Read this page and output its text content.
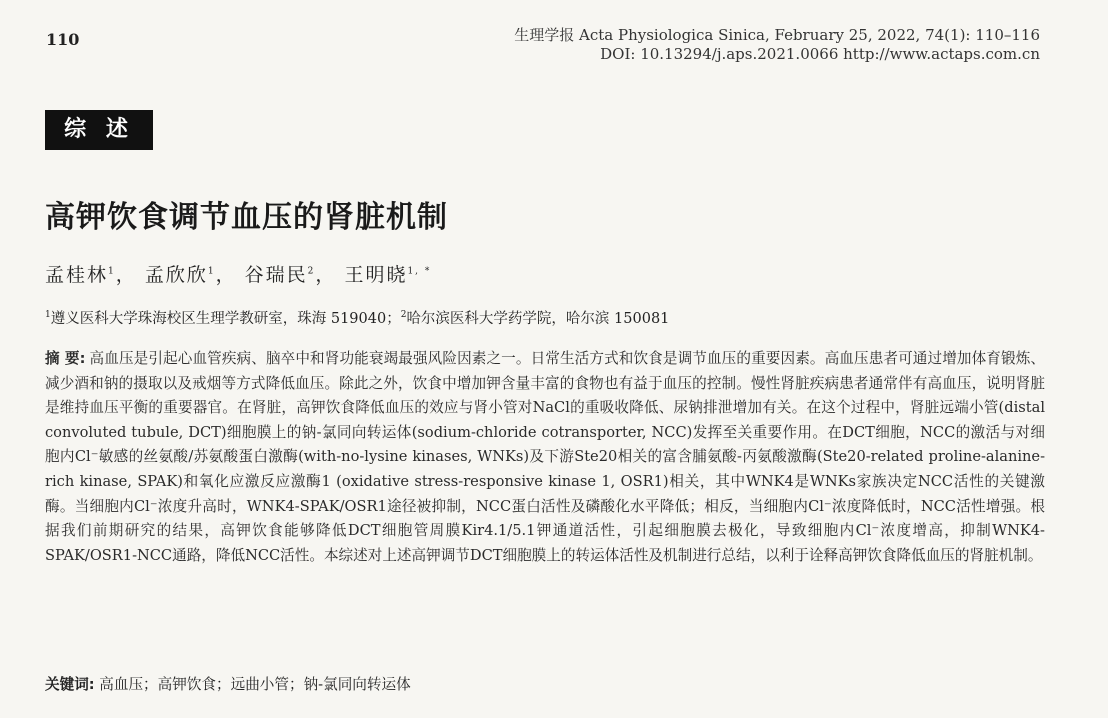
110	生理学报 Acta Physiologica Sinica, February 25, 2022, 74(1): 110–116
DOI: 10.13294/j.aps.2021.0066 http://www.actaps.com.cn
综 述
高钾饮食调节血压的肾脏机制
孟桂林$^1$， 孟欣欣$^1$， 谷瑞民$^2$， 王明晓$^{1, *}$
$^1$遵义医科大学珠海校区生理学教研室，珠海 519040；$^2$哈尔滨医科大学药学院，哈尔滨 150081
摘 要: 高血压是引起心血管疾病、脑卒中和肾功能衰竭最强风险因素之一。日常生活方式和饮食是调节血压的重要因素。高血压患者可通过增加体育锻炼、减少酒和钠的摄取以及戒烟等方式降低血压。除此之外，饮食中增加钾含量丰富的食物也有益于血压的控制。慢性肾脏疾病患者通常伴有高血压，说明肾脏是维持血压平衡的重要器官。在肾脏，高钾饮食降低血压的效应与肾小管对NaCl的重吸收降低、尿钠排泄增加有关。在这个过程中，肾脏远端小管(distal convoluted tubule, DCT)细胞膜上的钠-氯同向转运体(sodium-chloride cotransporter, NCC)发挥至关重要作用。在DCT细胞，NCC的激活与对细胞内Cl⁻敏感的丝氨酸/苏氨酸蛋白激酶(with-no-lysine kinases, WNKs)及下游Ste20相关的富含脯氨酸-丙氨酸激酶(Ste20-related proline-alanine-rich kinase, SPAK)和氧化应激反应激酶1 (oxidative stress-responsive kinase 1, OSR1)相关，其中WNK4是WNKs家族决定NCC活性的关键激酶。当细胞内Cl⁻浓度升高时，WNK4-SPAK/OSR1途径被抑制，NCC蛋白活性及磷酸化水平降低；相反，当细胞内Cl⁻浓度降低时，NCC活性增强。根据我们前期研究的结果，高钾饮食能够降低DCT细胞管周膜Kir4.1/5.1钾通道活性，引起细胞膜去极化，导致细胞内Cl⁻浓度增高，抑制WNK4-SPAK/OSR1-NCC通路，降低NCC活性。本综述对上述高钾调节DCT细胞膜上的转运体活性及机制进行总结，以利于诠释高钾饮食降低血压的肾脏机制。
关键词: 高血压；高钾饮食；远曲小管；钠-氯同向转运体
